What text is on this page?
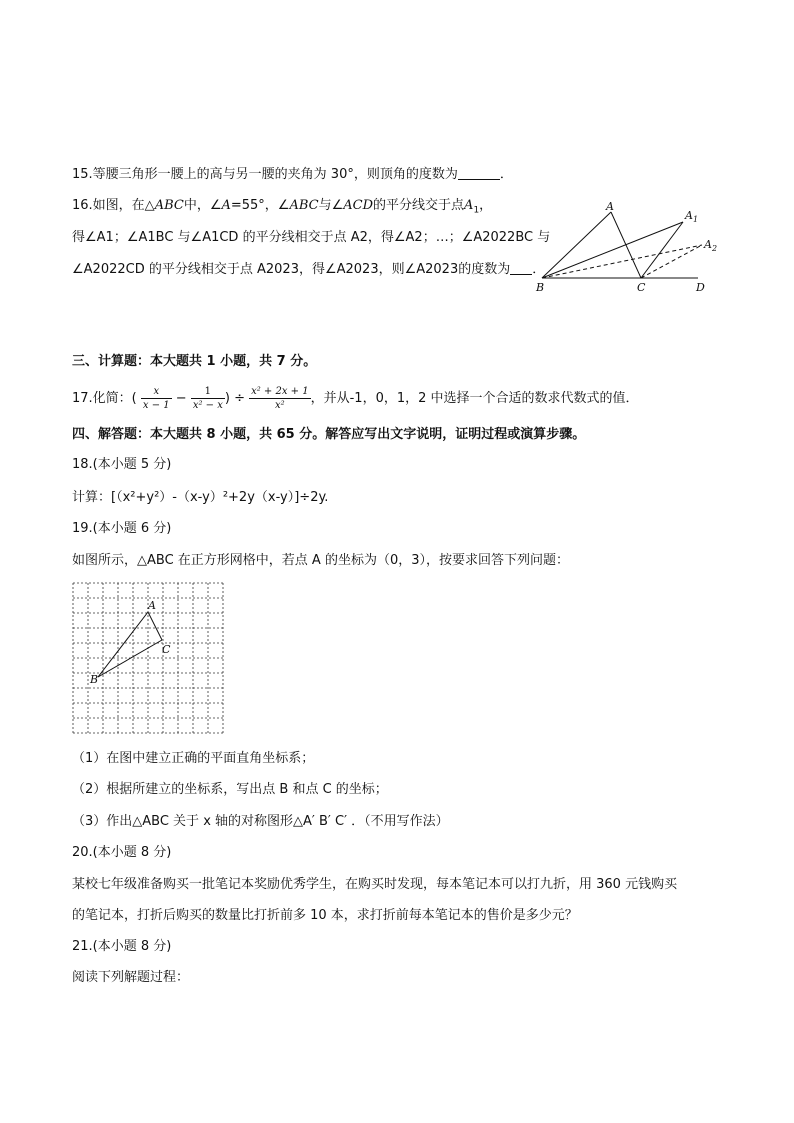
15.等腰三角形一腰上的高与另一腰的夹角为 30°，则顶角的度数为	．
16.如图，在△ABC中，∠A=55°，∠ABC与∠ACD的平分线交于点$A_1$，
得∠A1；∠A1BC 与∠A1CD 的平分线相交于点 A2，得∠A2；…；∠A2022BC 与
∠A2022CD 的平分线相交于点 A2023，得∠A2023，则∠A2023的度数为 ．
A
$A_1$
$A_2$
B	C	D
三、计算题：本大题共 1 小题，共 7 分。
17.化简：( $\frac{x}{x - 1} - \frac{1}{\text{x² − x}}$ ) ÷ $\frac{\text{x² + 2x + 1}}{\text{x²}}$ ，并从-1，0，1，2 中选择一个合适的数求代数式的值．
四、解答题：本大题共 8 小题，共 65 分。解答应写出文字说明，证明过程或演算步骤。
18.(本小题 5 分)
计算：[（x²+y²）-（x-y）²+2y（x-y）]÷2y.
19.(本小题 6 分)
如图所示，△ABC 在正方形网格中，若点 A 的坐标为（0，3），按要求回答下列问题：
A
C
B
（1）在图中建立正确的平面直角坐标系；
（2）根据所建立的坐标系，写出点 B 和点 C 的坐标；
（3）作出△ABC 关于 x 轴的对称图形△A′ B′ C′ ．（不用写作法）
20.(本小题 8 分)
某校七年级准备购买一批笔记本奖励优秀学生，在购买时发现，每本笔记本可以打九折，用 360 元钱购买
的笔记本，打折后购买的数量比打折前多 10 本，求打折前每本笔记本的售价是多少元？
21.(本小题 8 分)
阅读下列解题过程：
